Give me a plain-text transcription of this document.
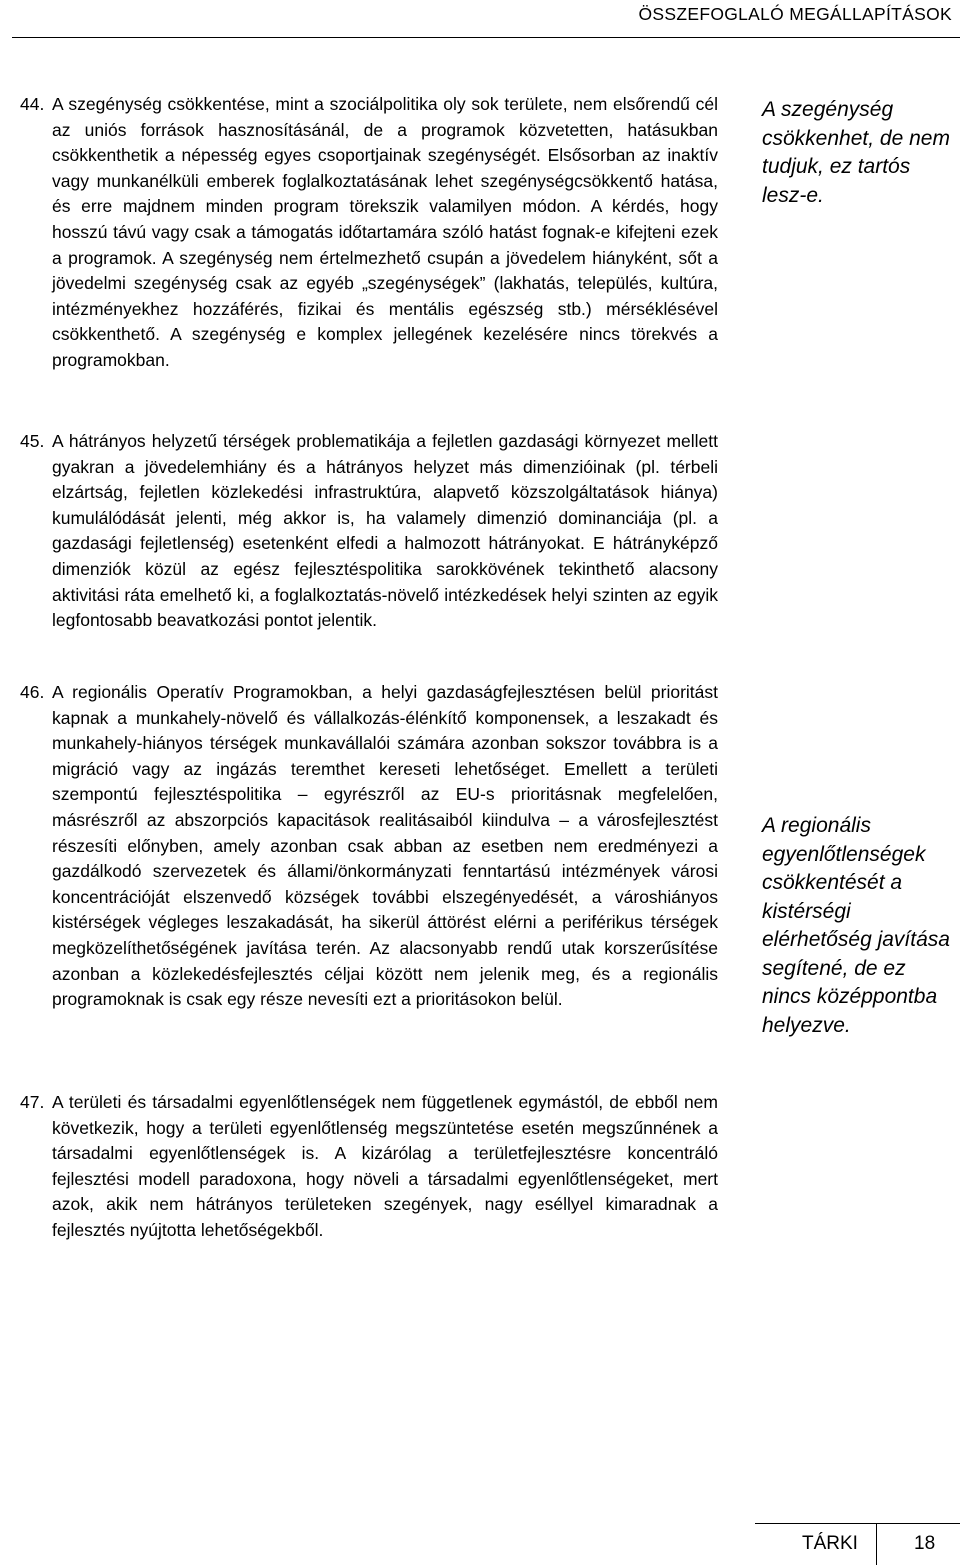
ÖSSZEFOGLALÓ MEGÁLLAPÍTÁSOK
44. A szegénység csökkentése, mint a szociálpolitika oly sok területe, nem elsőrendű cél az uniós források hasznosításánál, de a programok közvetetten, hatásukban csökkenthetik a népesség egyes csoportjainak szegénységét. Elsősorban az inaktív vagy munkanélküli emberek foglalkoztatásának lehet szegénységcsökkentő hatása, és erre majdnem minden program törekszik valamilyen módon. A kérdés, hogy hosszú távú vagy csak a támogatás időtartamára szóló hatást fognak-e kifejteni ezek a programok. A szegénység nem értelmezhető csupán a jövedelem hiányként, sőt a jövedelmi szegénység csak az egyéb „szegénységek” (lakhatás, település, kultúra, intézményekhez hozzáférés, fizikai és mentális egészség stb.) mérséklésével csökkenthető. A szegénység e komplex jellegének kezelésére nincs törekvés a programokban.
A szegénység csökkenhet, de nem tudjuk, ez tartós lesz-e.
45. A hátrányos helyzetű térségek problematikája a fejletlen gazdasági környezet mellett gyakran a jövedelemhiány és a hátrányos helyzet más dimenzióinak (pl. térbeli elzártság, fejletlen közlekedési infrastruktúra, alapvető közszolgáltatások hiánya) kumulálódását jelenti, még akkor is, ha valamely dimenzió dominanciája (pl. a gazdasági fejletlenség) esetenként elfedi a halmozott hátrányokat. E hátrányképző dimenziók közül az egész fejlesztéspolitika sarokkövének tekinthető alacsony aktivitási ráta emelhető ki, a foglalkoztatás-növelő intézkedések helyi szinten az egyik legfontosabb beavatkozási pontot jelentik.
46. A regionális Operatív Programokban, a helyi gazdaságfejlesztésen belül prioritást kapnak a munkahely-növelő és vállalkozás-élénkítő komponensek, a leszakadt és munkahely-hiányos térségek munkavállalói számára azonban sokszor továbbra is a migráció vagy az ingázás teremthet kereseti lehetőséget. Emellett a területi szempontú fejlesztéspolitika – egyrészről az EU-s prioritásnak megfelelően, másrészről az abszorpciós kapacitások realitásaiból kiindulva – a városfejlesztést részesíti előnyben, amely azonban csak abban az esetben nem eredményezi a gazdálkodó szervezetek és állami/önkormányzati fenntartású intézmények városi koncentrációját elszenvedő községek további elszegényedését, a városhiányos kistérségek végleges leszakadását, ha sikerül áttörést elérni a periférikus térségek megközelíthetőségének javítása terén. Az alacsonyabb rendű utak korszerűsítése azonban a közlekedésfejlesztés céljai között nem jelenik meg, és a regionális programoknak is csak egy része nevesíti ezt a prioritásokon belül.
A regionális egyenlőtlenségek csökkentését a kistérségi elérhetőség javítása segítené, de ez nincs középpontba helyezve.
47. A területi és társadalmi egyenlőtlenségek nem függetlenek egymástól, de ebből nem következik, hogy a területi egyenlőtlenség megszüntetése esetén megszűnnének a társadalmi egyenlőtlenségek is. A kizárólag a területfejlesztésre koncentráló fejlesztési modell paradoxona, hogy növeli a társadalmi egyenlőtlenségeket, mert azok, akik nem hátrányos területeken szegények, nagy eséllyel kimaradnak a fejlesztés nyújtotta lehetőségekből.
TÁRKI	18
